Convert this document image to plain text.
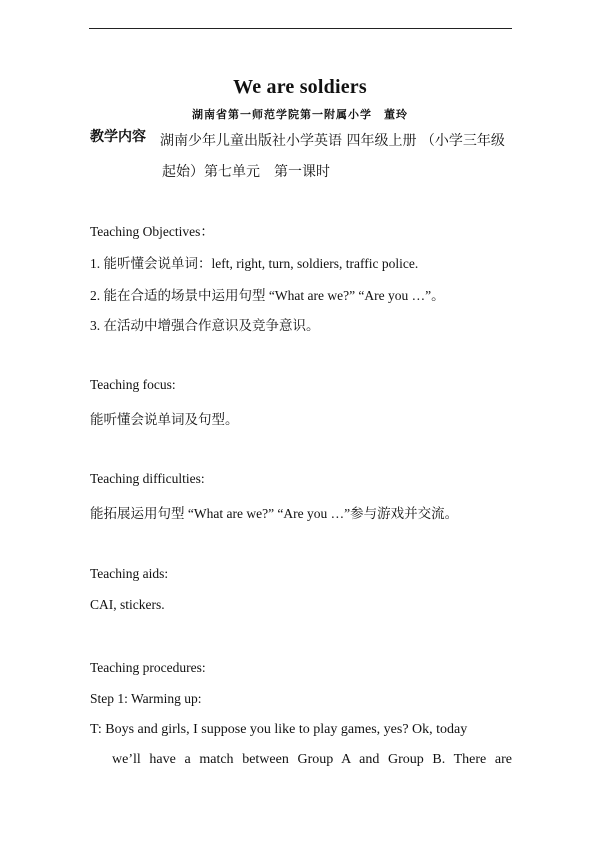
We are soldiers
湖南省第一师范学院第一附属小学　董玲
教学内容 湖南少年儿童出版社小学英语 四年级上册 （小学三年级
起始）第七单元　第一课时
Teaching Objectives：
1. 能听懂会说单词：left, right, turn, soldiers, traffic police.
2. 能在合适的场景中运用句型 “What are we?” “Are you …”。
3. 在活动中增强合作意识及竞争意识。
Teaching focus:
能听懂会说单词及句型。
Teaching difficulties:
能拓展运用句型 “What are we?” “Are you …”参与游戏并交流。
Teaching aids:
CAI, stickers.
Teaching procedures:
Step 1: Warming up:
T: Boys and girls, I suppose you like to play games, yes? Ok, today
we’ll have a match between Group A and Group B. There are
